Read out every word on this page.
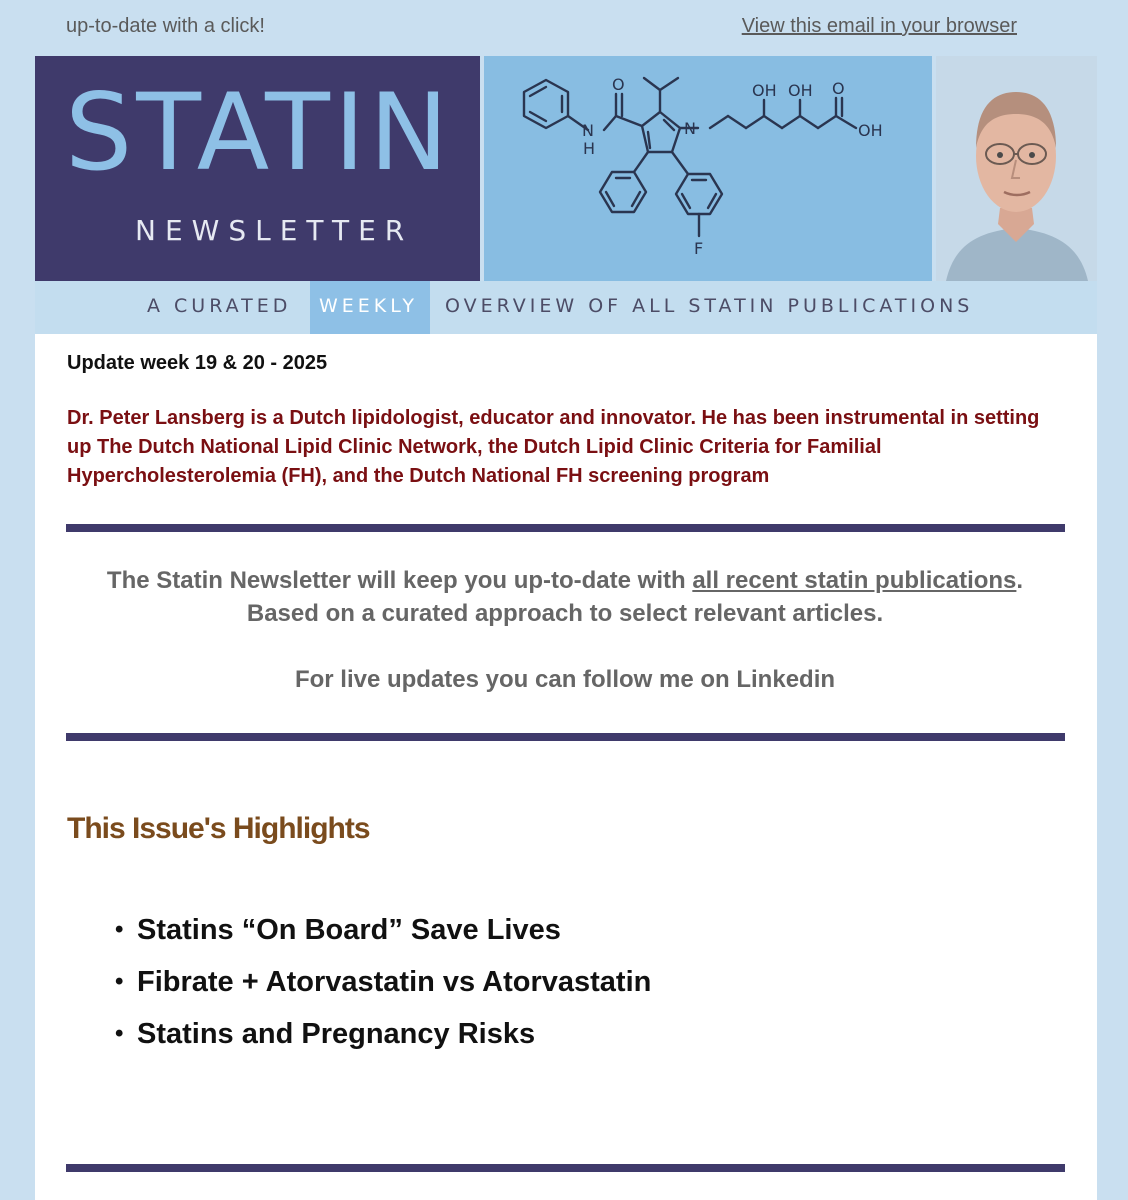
up-to-date with a click!	View this email in your browser
STATIN
NEWSLETTER
N
H
O
N
OH OH O
OH
F
A CURATED WEEKLY OVERVIEW OF ALL STATIN PUBLICATIONS
Update week 19 & 20 - 2025
Dr. Peter Lansberg is a Dutch lipidologist, educator and innovator. He has been instrumental in setting up The Dutch National Lipid Clinic Network, the Dutch Lipid Clinic Criteria for Familial Hypercholesterolemia (FH), and the Dutch National FH screening program
The Statin Newsletter will keep you up-to-date with all recent statin publications. Based on a curated approach to select relevant articles.
For live updates you can follow me on Linkedin
This Issue's Highlights
• Statins “On Board” Save Lives
• Fibrate + Atorvastatin vs Atorvastatin
• Statins and Pregnancy Risks
